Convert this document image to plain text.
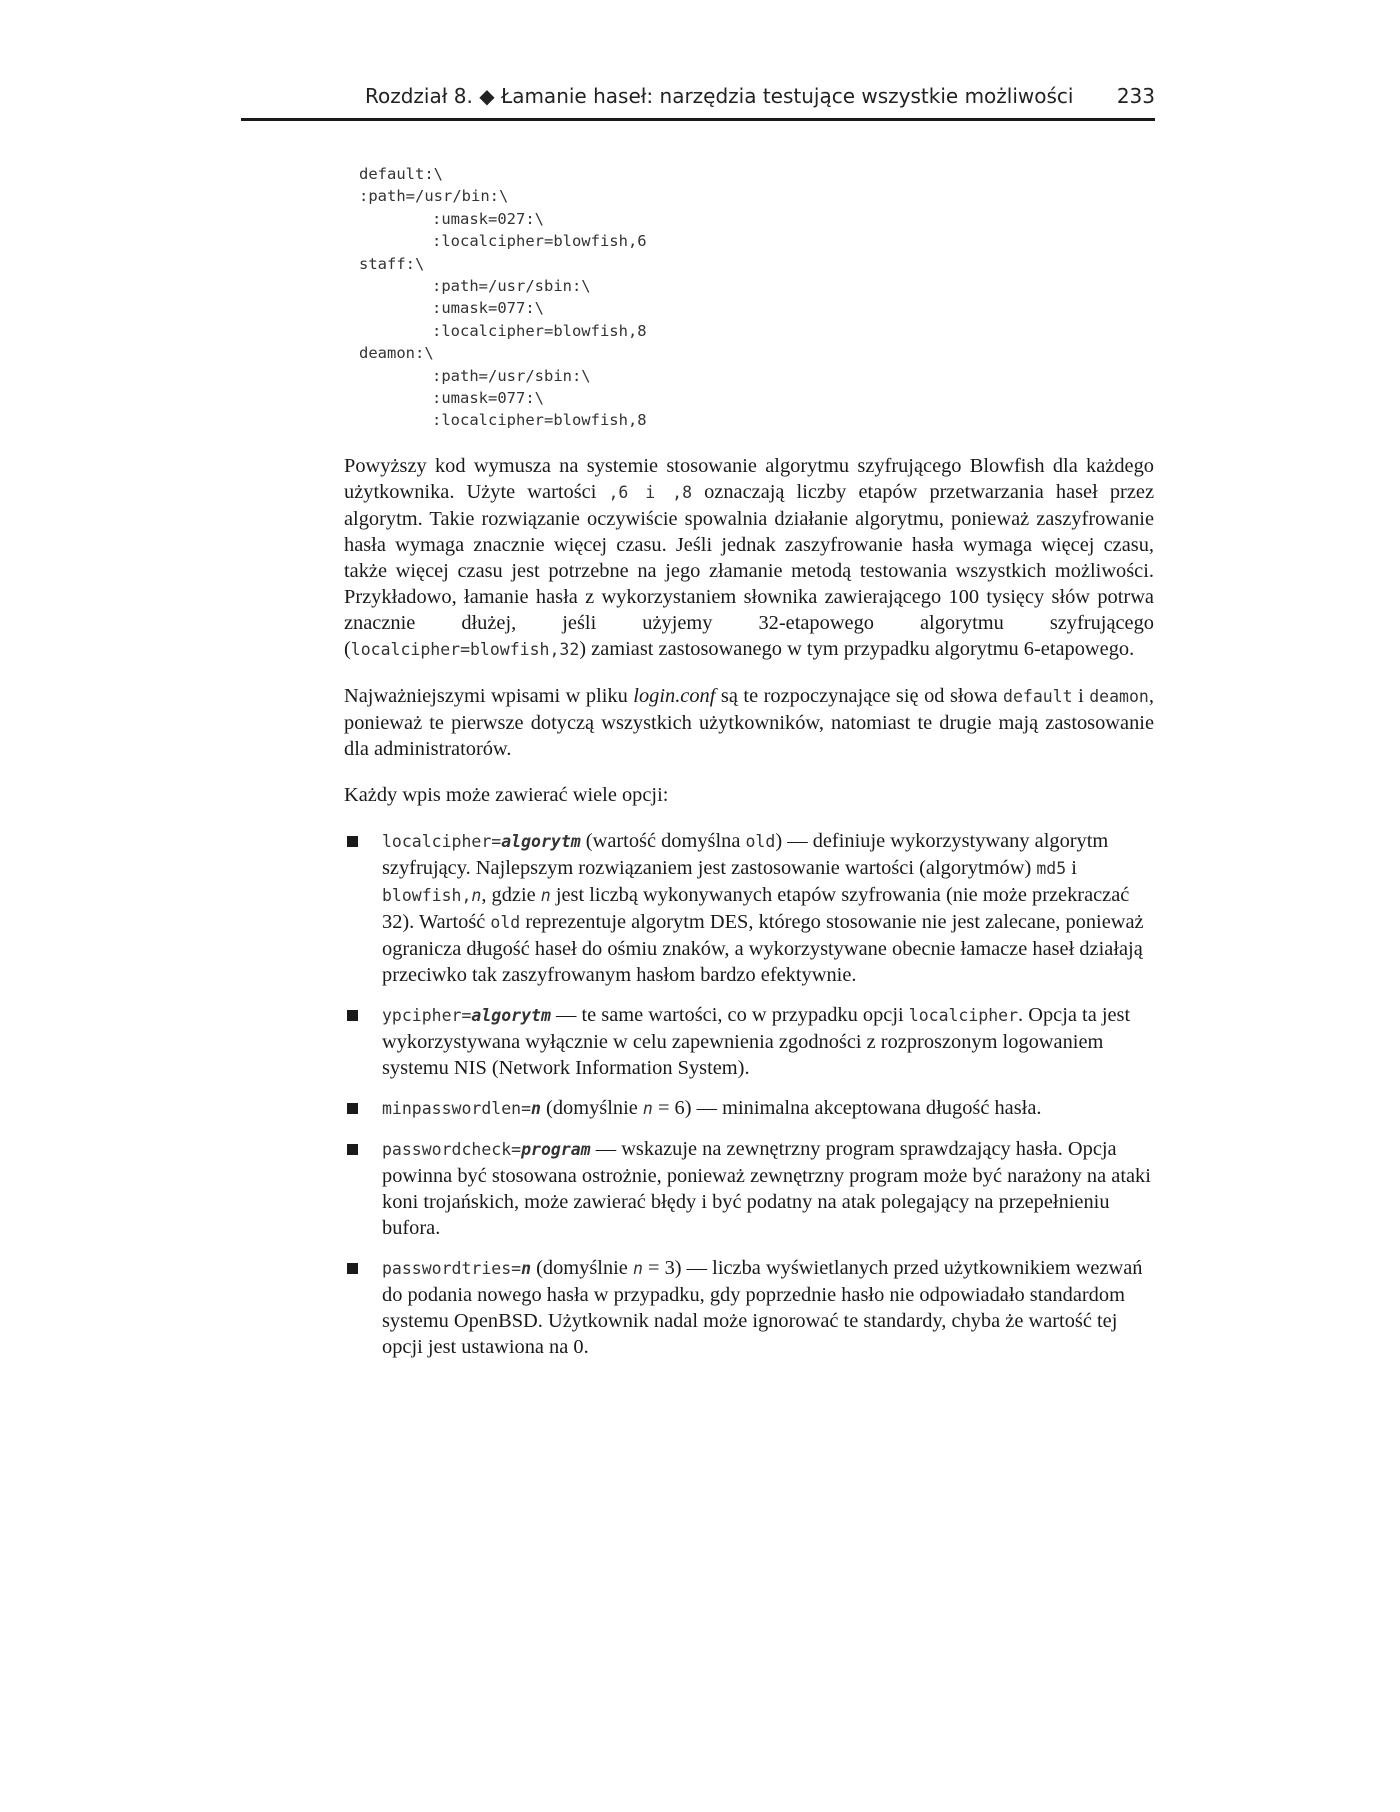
Rozdział 8. ◆ Łamanie haseł: narzędzia testujące wszystkie możliwości 233
default:\
:path=/usr/bin:\
:umask=027:\
:localcipher=blowfish,6
staff:\
:path=/usr/sbin:\
:umask=077:\
:localcipher=blowfish,8
deamon:\
:path=/usr/sbin:\
:umask=077:\
:localcipher=blowfish,8

Powyższy kod wymusza na systemie stosowanie algorytmu szyfrującego Blowfish dla każdego użytkownika. Użyte wartości ,6 i ,8 oznaczają liczby etapów przetwarzania haseł przez algorytm. Takie rozwiązanie oczywiście spowalnia działanie algorytmu, ponieważ zaszyfrowanie hasła wymaga znacznie więcej czasu. Jeśli jednak zaszyfrowanie hasła wymaga więcej czasu, także więcej czasu jest potrzebne na jego złamanie metodą testowania wszystkich możliwości. Przykładowo, łamanie hasła z wykorzystaniem słownika zawierającego 100 tysięcy słów potrwa znacznie dłużej, jeśli użyjemy 32-etapowego algorytmu szyfrującego (localcipher=blowfish,32) zamiast zastosowanego w tym przypadku algorytmu 6-etapowego.

Najważniejszymi wpisami w pliku login.conf są te rozpoczynające się od słowa default i deamon, ponieważ te pierwsze dotyczą wszystkich użytkowników, natomiast te drugie mają zastosowanie dla administratorów.

Każdy wpis może zawierać wiele opcji:

localcipher=algorytm (wartość domyślna old) — definiuje wykorzystywany algorytm szyfrujący. Najlepszym rozwiązaniem jest zastosowanie wartości (algorytmów) md5 i blowfish,n, gdzie n jest liczbą wykonywanych etapów szyfrowania (nie może przekraczać 32). Wartość old reprezentuje algorytm DES, którego stosowanie nie jest zalecane, ponieważ ogranicza długość haseł do ośmiu znaków, a wykorzystywane obecnie łamacze haseł działają przeciwko tak zaszyfrowanym hasłom bardzo efektywnie.
ypcipher=algorytm — te same wartości, co w przypadku opcji localcipher. Opcja ta jest wykorzystywana wyłącznie w celu zapewnienia zgodności z rozproszonym logowaniem systemu NIS (Network Information System).
minpasswordlen=n (domyślnie n = 6) — minimalna akceptowana długość hasła.
passwordcheck=program — wskazuje na zewnętrzny program sprawdzający hasła. Opcja powinna być stosowana ostrożnie, ponieważ zewnętrzny program może być narażony na ataki koni trojańskich, może zawierać błędy i być podatny na atak polegający na przepełnieniu bufora.
passwordtries=n (domyślnie n = 3) — liczba wyświetlanych przed użytkownikiem wezwań do podania nowego hasła w przypadku, gdy poprzednie hasło nie odpowiadało standardom systemu OpenBSD. Użytkownik nadal może ignorować te standardy, chyba że wartość tej opcji jest ustawiona na 0.
